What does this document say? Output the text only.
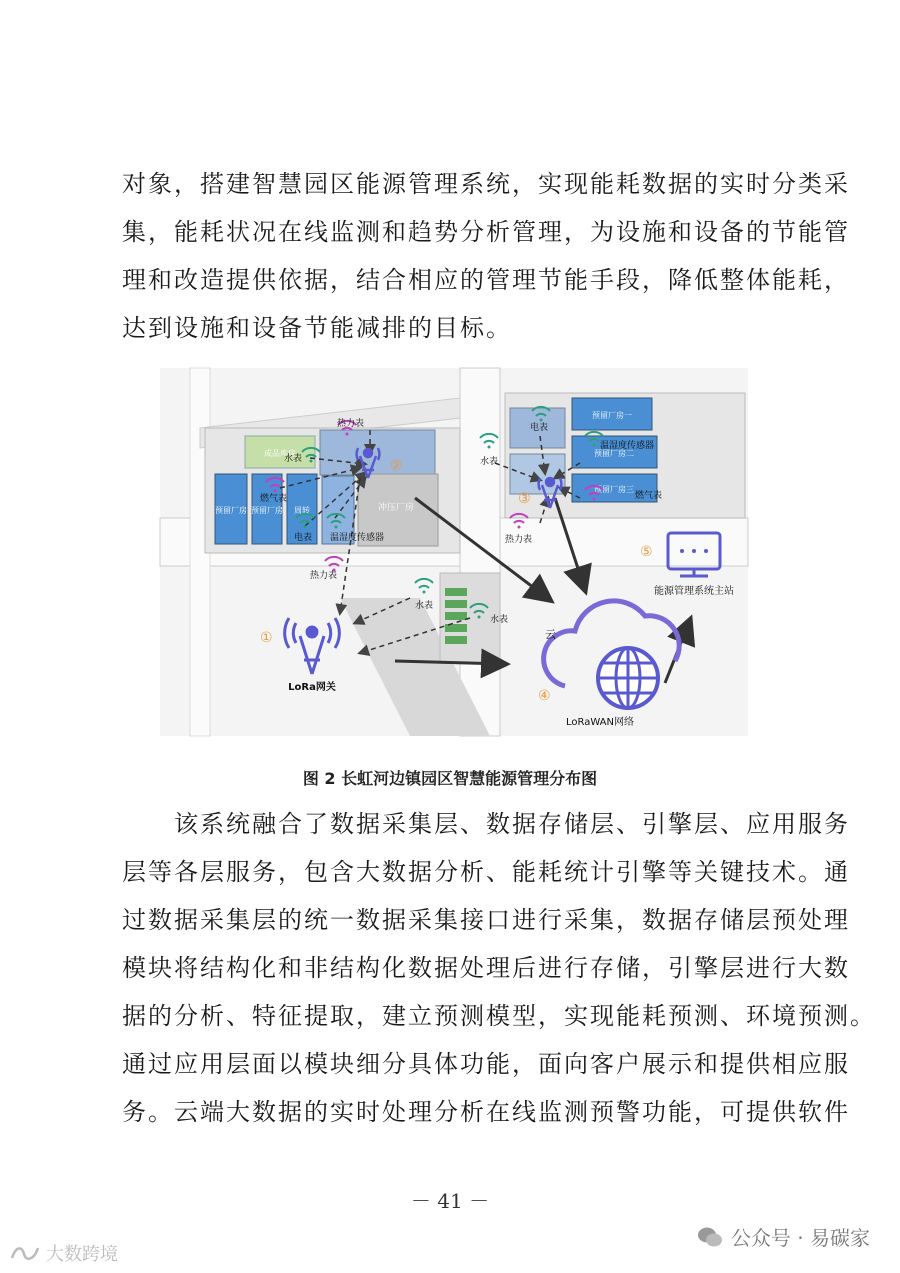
对象，搭建智慧园区能源管理系统，实现能耗数据的实时分类采
集，能耗状况在线监测和趋势分析管理，为设施和设备的节能管
理和改造提供依据，结合相应的管理节能手段，降低整体能耗，
达到设施和设备节能减排的目标。
成品库房
预留厂房 预留厂房 周转	冲压厂房
预留厂房一
预留厂房二
预留厂房三
②
③
①
④
⑤
热力表
水表
燃气表
电表 温湿度传感器
水表
电表
温湿度传感器
燃气表
热力表
热力表
水表
水表
LoRa网关
云
LoRaWAN网络
能源管理系统主站
图 2 长虹河边镇园区智慧能源管理分布图
　　该系统融合了数据采集层、数据存储层、引擎层、应用服务
层等各层服务，包含大数据分析、能耗统计引擎等关键技术。通
过数据采集层的统一数据采集接口进行采集，数据存储层预处理
模块将结构化和非结构化数据处理后进行存储，引擎层进行大数
据的分析、特征提取，建立预测模型，实现能耗预测、环境预测。
通过应用层面以模块细分具体功能，面向客户展示和提供相应服
务。云端大数据的实时处理分析在线监测预警功能，可提供软件
－ 41 －
公众号 · 易碳家
大数跨境
